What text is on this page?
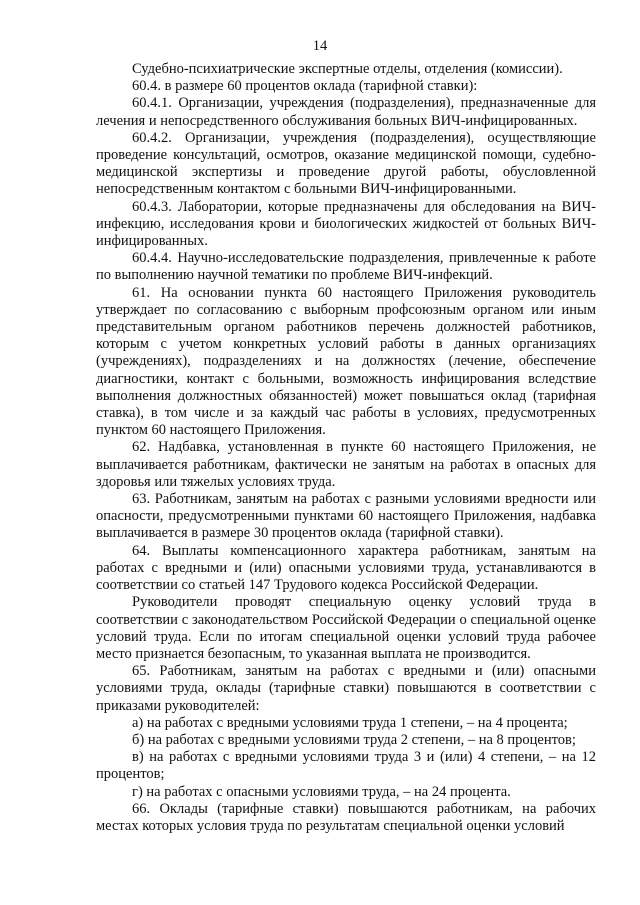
14

Судебно-психиатрические экспертные отделы, отделения (комиссии).

60.4. в размере 60 процентов оклада (тарифной ставки):

60.4.1. Организации, учреждения (подразделения), предназначенные для лечения и непосредственного обслуживания больных ВИЧ-инфицированных.

60.4.2. Организации, учреждения (подразделения), осуществляющие проведение консультаций, осмотров, оказание медицинской помощи, судебно-медицинской экспертизы и проведение другой работы, обусловленной непосредственным контактом с больными ВИЧ-инфицированными.

60.4.3. Лаборатории, которые предназначены для обследования на ВИЧ-инфекцию, исследования крови и биологических жидкостей от больных ВИЧ-инфицированных.

60.4.4. Научно-исследовательские подразделения, привлеченные к работе по выполнению научной тематики по проблеме ВИЧ-инфекций.

61. На основании пункта 60 настоящего Приложения руководитель утверждает по согласованию с выборным профсоюзным органом или иным представительным органом работников перечень должностей работников, которым с учетом конкретных условий работы в данных организациях (учреждениях), подразделениях и на должностях (лечение, обеспечение диагностики, контакт с больными, возможность инфицирования вследствие выполнения должностных обязанностей) может повышаться оклад (тарифная ставка), в том числе и за каждый час работы в условиях, предусмотренных пунктом 60 настоящего Приложения.

62. Надбавка, установленная в пункте 60 настоящего Приложения, не выплачивается работникам, фактически не занятым на работах в опасных для здоровья или тяжелых условиях труда.

63. Работникам, занятым на работах с разными условиями вредности или опасности, предусмотренными пунктами 60 настоящего Приложения, надбавка выплачивается в размере 30 процентов оклада (тарифной ставки).

64. Выплаты компенсационного характера работникам, занятым на работах с вредными и (или) опасными условиями труда, устанавливаются в соответствии со статьей 147 Трудового кодекса Российской Федерации.

Руководители проводят специальную оценку условий труда в соответствии с законодательством Российской Федерации о специальной оценке условий труда. Если по итогам специальной оценки условий труда рабочее место признается безопасным, то указанная выплата не производится.

65. Работникам, занятым на работах с вредными и (или) опасными условиями труда, оклады (тарифные ставки) повышаются в соответствии с приказами руководителей:

а) на работах с вредными условиями труда 1 степени, – на 4 процента;

б) на работах с вредными условиями труда 2 степени, – на 8 процентов;

в) на работах с вредными условиями труда 3 и (или) 4 степени, – на 12 процентов;

г) на работах с опасными условиями труда, – на 24 процента.

66. Оклады (тарифные ставки) повышаются работникам, на рабочих местах которых условия труда по результатам специальной оценки условий
